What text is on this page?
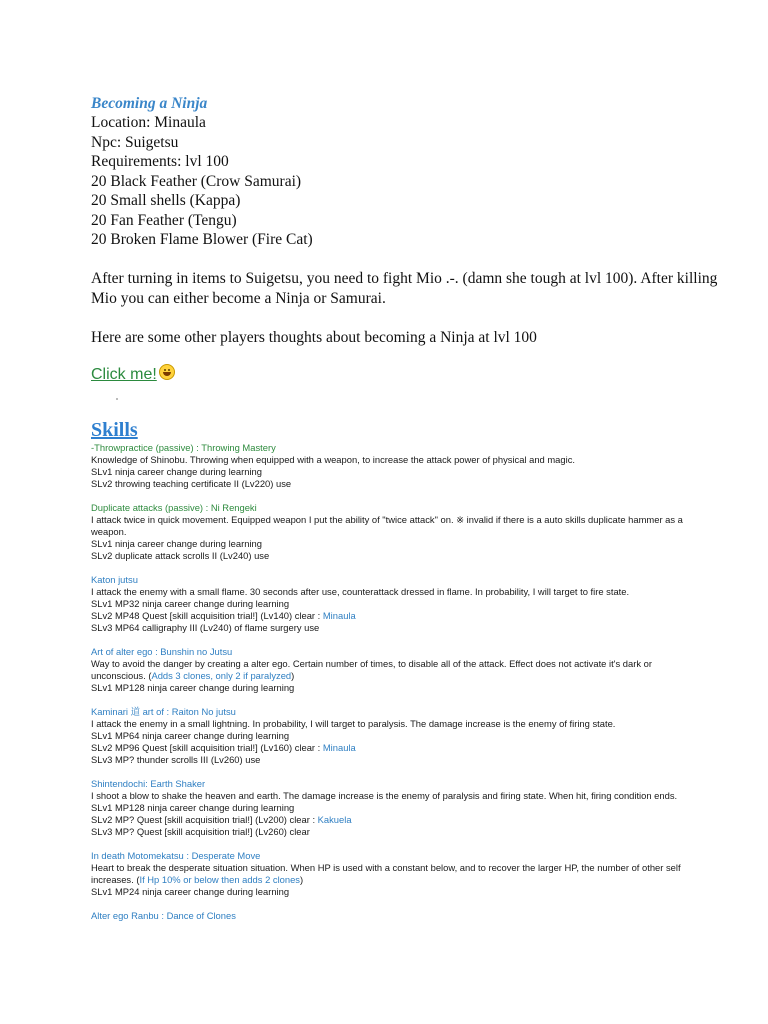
Becoming a Ninja

Location: Minaula

Npc: Suigetsu

Requirements: lvl 100

20 Black Feather (Crow Samurai)

20 Small shells (Kappa)

20 Fan Feather (Tengu)

20 Broken Flame Blower (Fire Cat)

After turning in items to Suigetsu, you need to fight Mio .-. (damn she tough at lvl 100). After killing Mio you can either become a Ninja or Samurai.

Here are some other players thoughts about becoming a Ninja at lvl 100

Click me!
Skills
-Throwpractice (passive) : Throwing Mastery
Knowledge of Shinobu. Throwing when equipped with a weapon, to increase the attack power of physical and magic.
SLv1 ninja career change during learning
SLv2 throwing teaching certificate II (Lv220) use
Duplicate attacks (passive) : Ni Rengeki
I attack twice in quick movement. Equipped weapon I put the ability of "twice attack" on. ※ invalid if there is a auto skills duplicate hammer as a weapon.
SLv1 ninja career change during learning
SLv2 duplicate attack scrolls II (Lv240) use
Katon jutsu
I attack the enemy with a small flame. 30 seconds after use, counterattack dressed in flame. In probability, I will target to fire state.
SLv1 MP32 ninja career change during learning
SLv2 MP48 Quest [skill acquisition trial!] (Lv140) clear : Minaula
SLv3 MP64 calligraphy III (Lv240) of flame surgery use
Art of alter ego : Bunshin no Jutsu
Way to avoid the danger by creating a alter ego. Certain number of times, to disable all of the attack. Effect does not activate it's dark or unconscious. (Adds 3 clones, only 2 if paralyzed)
SLv1 MP128 ninja career change during learning
Kaminari 道 art of : Raiton No jutsu
I attack the enemy in a small lightning. In probability, I will target to paralysis. The damage increase is the enemy of firing state.
SLv1 MP64 ninja career change during learning
SLv2 MP96 Quest [skill acquisition trial!] (Lv160) clear : Minaula
SLv3 MP? thunder scrolls III (Lv260) use
Shintendochi: Earth Shaker
I shoot a blow to shake the heaven and earth. The damage increase is the enemy of paralysis and firing state. When hit, firing condition ends.
SLv1 MP128 ninja career change during learning
SLv2 MP? Quest [skill acquisition trial!] (Lv200) clear : Kakuela
SLv3 MP? Quest [skill acquisition trial!] (Lv260) clear
In death Motomekatsu : Desperate Move
Heart to break the desperate situation situation. When HP is used with a constant below, and to recover the larger HP, the number of other self increases. (If Hp 10% or below then adds 2 clones)
SLv1 MP24 ninja career change during learning
Alter ego Ranbu : Dance of Clones
